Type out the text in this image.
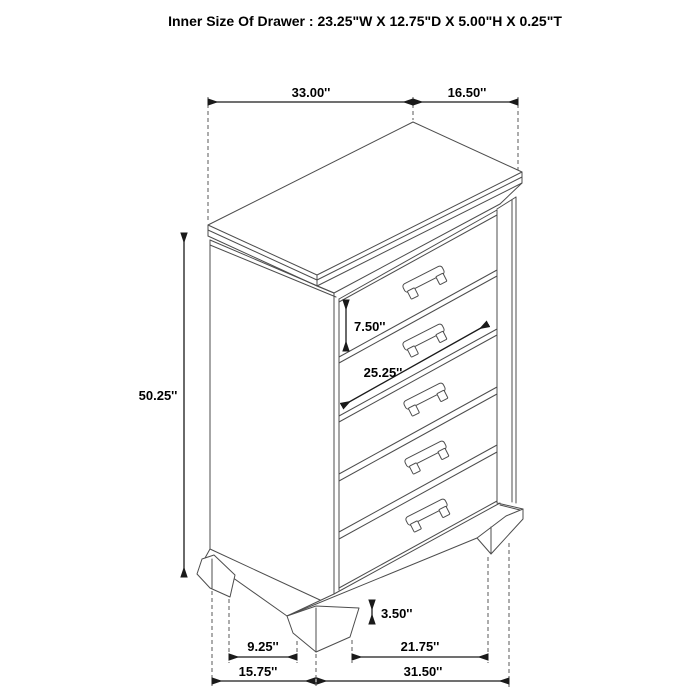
33.00''	16.50''
50.25''
7.50''
25.25''
3.50''
9.25''	21.75''
15.75''	31.50''
Inner Size Of Drawer : 23.25"W X 12.75"D X 5.00"H X 0.25"T
